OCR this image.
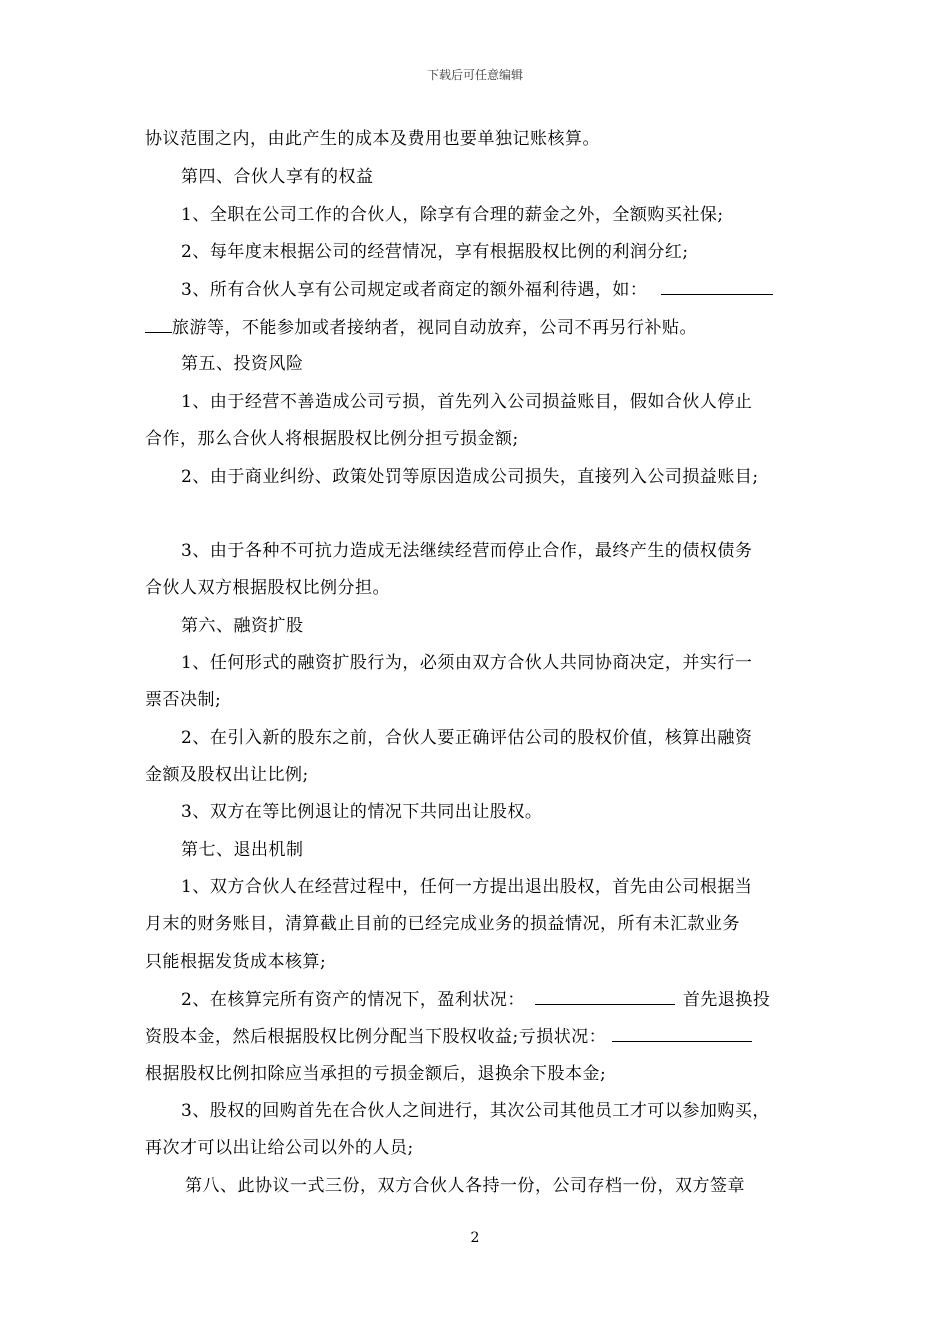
下载后可任意编辑

协议范围之内，由此产生的成本及费用也要单独记账核算。

第四、合伙人享有的权益

1、全职在公司工作的合伙人，除享有合理的薪金之外，全额购买社保;

2、每年度末根据公司的经营情况，享有根据股权比例的利润分红;

3、所有合伙人享有公司规定或者商定的额外福利待遇，如：

旅游等，不能参加或者接纳者，视同自动放弃，公司不再另行补贴。

第五、投资风险

1、由于经营不善造成公司亏损，首先列入公司损益账目，假如合伙人停止

合作，那么合伙人将根据股权比例分担亏损金额;

2、由于商业纠纷、政策处罚等原因造成公司损失，直接列入公司损益账目;

3、由于各种不可抗力造成无法继续经营而停止合作，最终产生的债权债务

合伙人双方根据股权比例分担。

第六、融资扩股

1、任何形式的融资扩股行为，必须由双方合伙人共同协商决定，并实行一

票否决制;

2、在引入新的股东之前，合伙人要正确评估公司的股权价值，核算出融资

金额及股权出让比例;

3、双方在等比例退让的情况下共同出让股权。

第七、退出机制

1、双方合伙人在经营过程中，任何一方提出退出股权，首先由公司根据当

月末的财务账目，清算截止目前的已经完成业务的损益情况，所有未汇款业务

只能根据发货成本核算;

2、在核算完所有资产的情况下，盈利状况：	首先退换投

资股本金，然后根据股权比例分配当下股权收益;亏损状况：

根据股权比例扣除应当承担的亏损金额后，退换余下股本金;

3、股权的回购首先在合伙人之间进行，其次公司其他员工才可以参加购买，

再次才可以出让给公司以外的人员;

第八、此协议一式三份，双方合伙人各持一份，公司存档一份，双方签章

2
